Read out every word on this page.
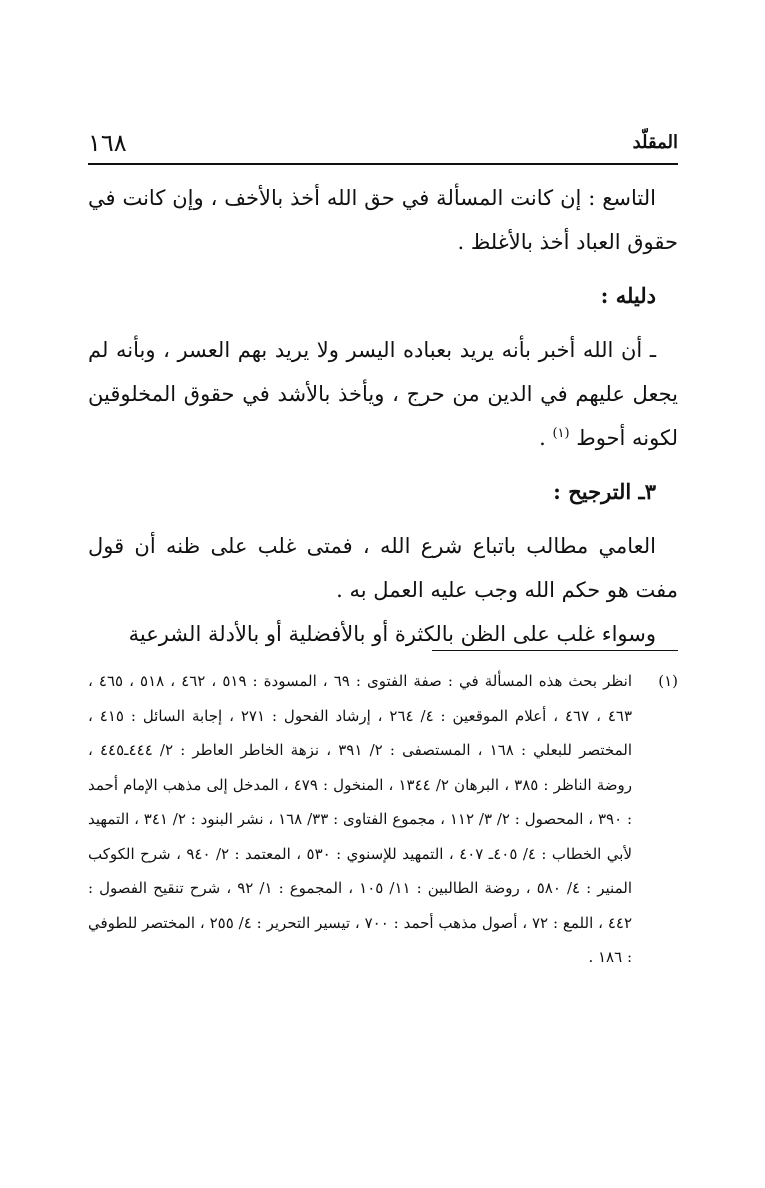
المقلّد
١٦٨

التاسع : إن كانت المسألة في حق الله أخذ بالأخف ، وإن كانت في حقوق العباد أخذ بالأغلظ .

دليله :

ـ أن الله أخبر بأنه يريد بعباده اليسر ولا يريد بهم العسر ، وبأنه لم يجعل عليهم في الدين من حرج ، ويأخذ بالأشد في حقوق المخلوقين لكونه أحوط $^{(١)}$ .

٣ـ الترجيح :

العامي مطالب باتباع شرع الله ، فمتى غلب على ظنه أن قول مفت هو حكم الله وجب عليه العمل به .

وسواء غلب على الظن بالكثرة أو بالأفضلية أو بالأدلة الشرعية

(١)
انظر بحث هذه المسألة في : صفة الفتوى : ٦٩ ، المسودة : ٥١٩ ، ٤٦٢ ، ٥١٨ ، ٤٦٥ ، ٤٦٣ ، ٤٦٧ ، أعلام الموقعين : ٤/ ٢٦٤ ، إرشاد الفحول : ٢٧١ ، إجابة السائل : ٤١٥ ، المختصر للبعلي : ١٦٨ ، المستصفى : ٢/ ٣٩١ ، نزهة الخاطر العاطر : ٢/ ٤٤٤ـ٤٤٥ ، روضة الناظر : ٣٨٥ ، البرهان ٢/ ١٣٤٤ ، المنخول : ٤٧٩ ، المدخل إلى مذهب الإمام أحمد : ٣٩٠ ، المحصول : ٢/ ٣/ ١١٢ ، مجموع الفتاوى : ٣٣/ ١٦٨ ، نشر البنود : ٢/ ٣٤١ ، التمهيد لأبي الخطاب : ٤/ ٤٠٥ـ ٤٠٧ ، التمهيد للإسنوي : ٥٣٠ ، المعتمد : ٢/ ٩٤٠ ، شرح الكوكب المنير : ٤/ ٥٨٠ ، روضة الطالبين : ١١/ ١٠٥ ، المجموع : ١/ ٩٢ ، شرح تنقيح الفصول : ٤٤٢ ، اللمع : ٧٢ ، أصول مذهب أحمد : ٧٠٠ ، تيسير التحرير : ٤/ ٢٥٥ ، المختصر للطوفي : ١٨٦ .
